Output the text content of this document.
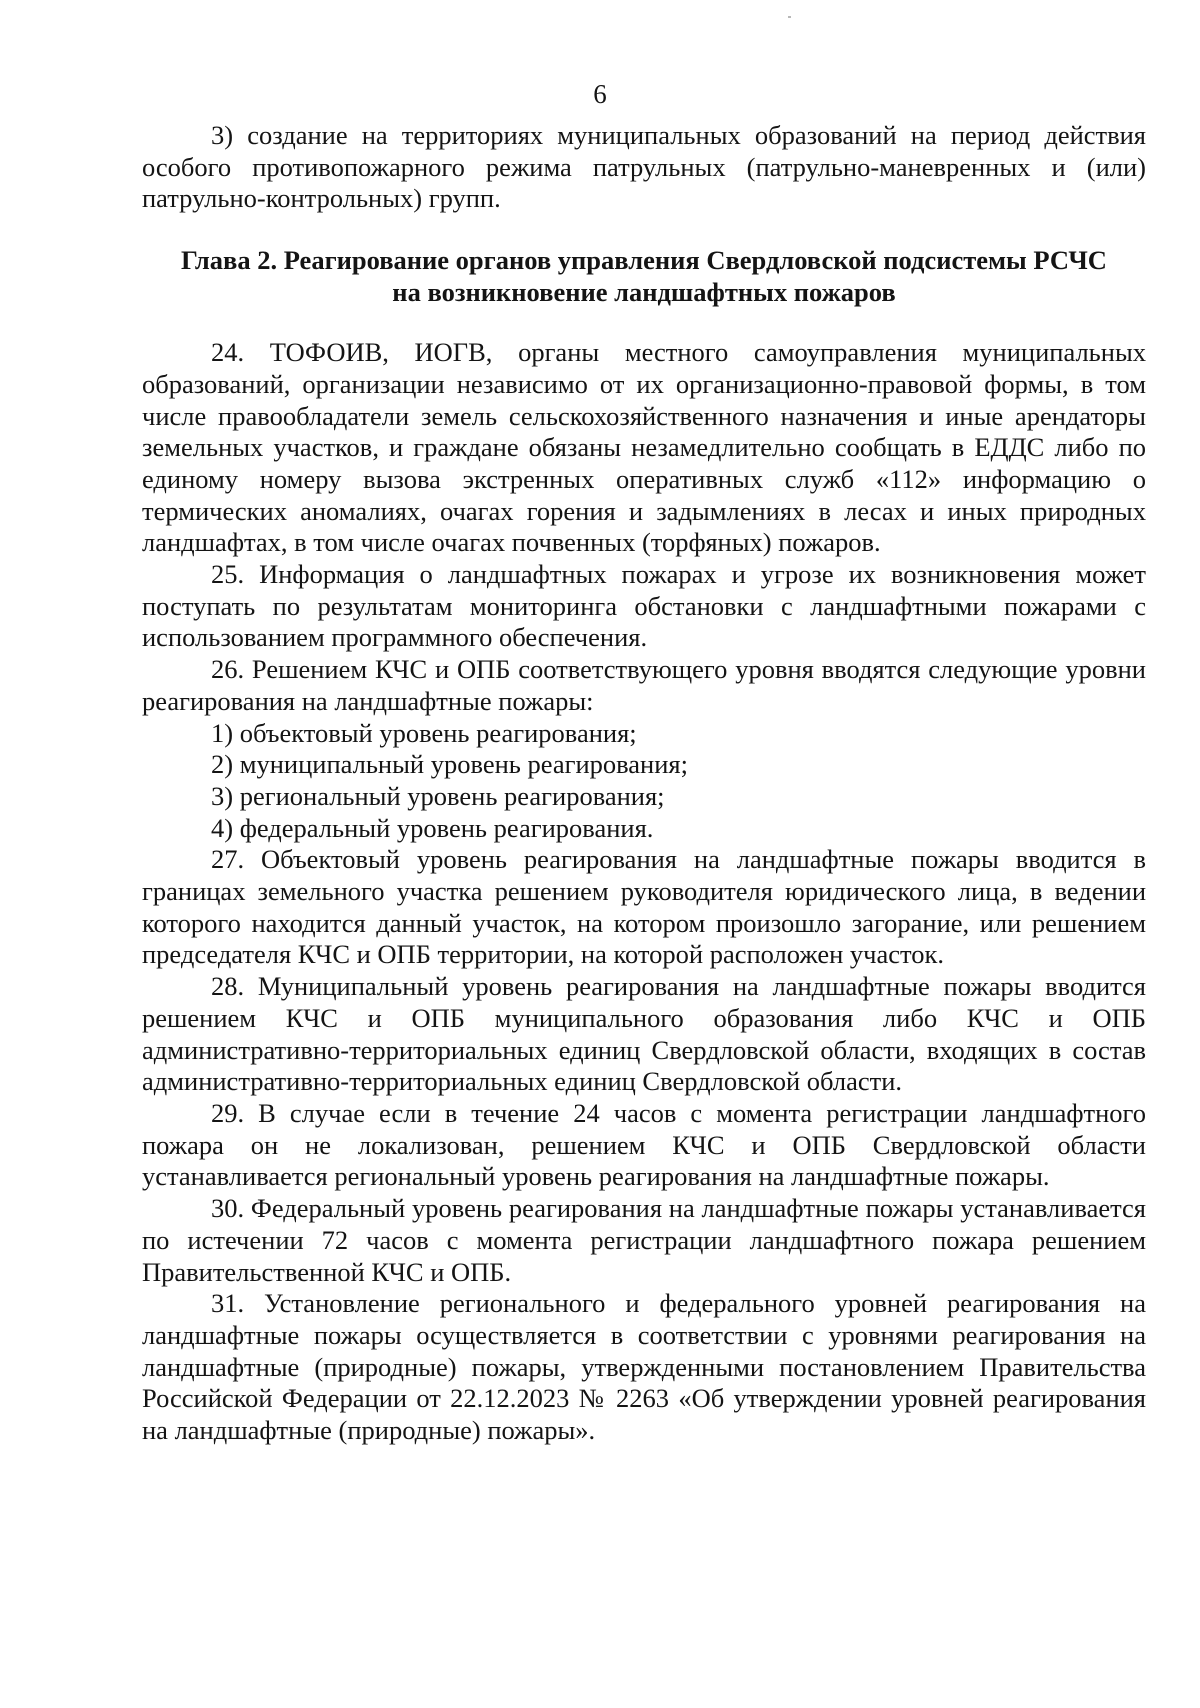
6

3) создание на территориях муниципальных образований на период действия особого противопожарного режима патрульных (патрульно-маневренных и (или) патрульно-контрольных) групп.

Глава 2. Реагирование органов управления Свердловской подсистемы РСЧС
на возникновение ландшафтных пожаров

24. ТОФОИВ, ИОГВ, органы местного самоуправления муниципальных образований, организации независимо от их организационно-правовой формы, в том числе правообладатели земель сельскохозяйственного назначения и иные арендаторы земельных участков, и граждане обязаны незамедлительно сообщать в ЕДДС либо по единому номеру вызова экстренных оперативных служб «112» информацию о термических аномалиях, очагах горения и задымлениях в лесах и иных природных ландшафтах, в том числе очагах почвенных (торфяных) пожаров.

25. Информация о ландшафтных пожарах и угрозе их возникновения может поступать по результатам мониторинга обстановки с ландшафтными пожарами с использованием программного обеспечения.

26. Решением КЧС и ОПБ соответствующего уровня вводятся следующие уровни реагирования на ландшафтные пожары:

1) объектовый уровень реагирования;

2) муниципальный уровень реагирования;

3) региональный уровень реагирования;

4) федеральный уровень реагирования.

27. Объектовый уровень реагирования на ландшафтные пожары вводится в границах земельного участка решением руководителя юридического лица, в ведении которого находится данный участок, на котором произошло загорание, или решением председателя КЧС и ОПБ территории, на которой расположен участок.

28. Муниципальный уровень реагирования на ландшафтные пожары вводится решением КЧС и ОПБ муниципального образования либо КЧС и ОПБ административно-территориальных единиц Свердловской области, входящих в состав административно-территориальных единиц Свердловской области.

29. В случае если в течение 24 часов с момента регистрации ландшафтного пожара он не локализован, решением КЧС и ОПБ Свердловской области устанавливается региональный уровень реагирования на ландшафтные пожары.

30. Федеральный уровень реагирования на ландшафтные пожары устанавливается по истечении 72 часов с момента регистрации ландшафтного пожара решением Правительственной КЧС и ОПБ.

31. Установление регионального и федерального уровней реагирования на ландшафтные пожары осуществляется в соответствии с уровнями реагирования на ландшафтные (природные) пожары, утвержденными постановлением Правительства Российской Федерации от 22.12.2023 № 2263 «Об утверждении уровней реагирования на ландшафтные (природные) пожары».
